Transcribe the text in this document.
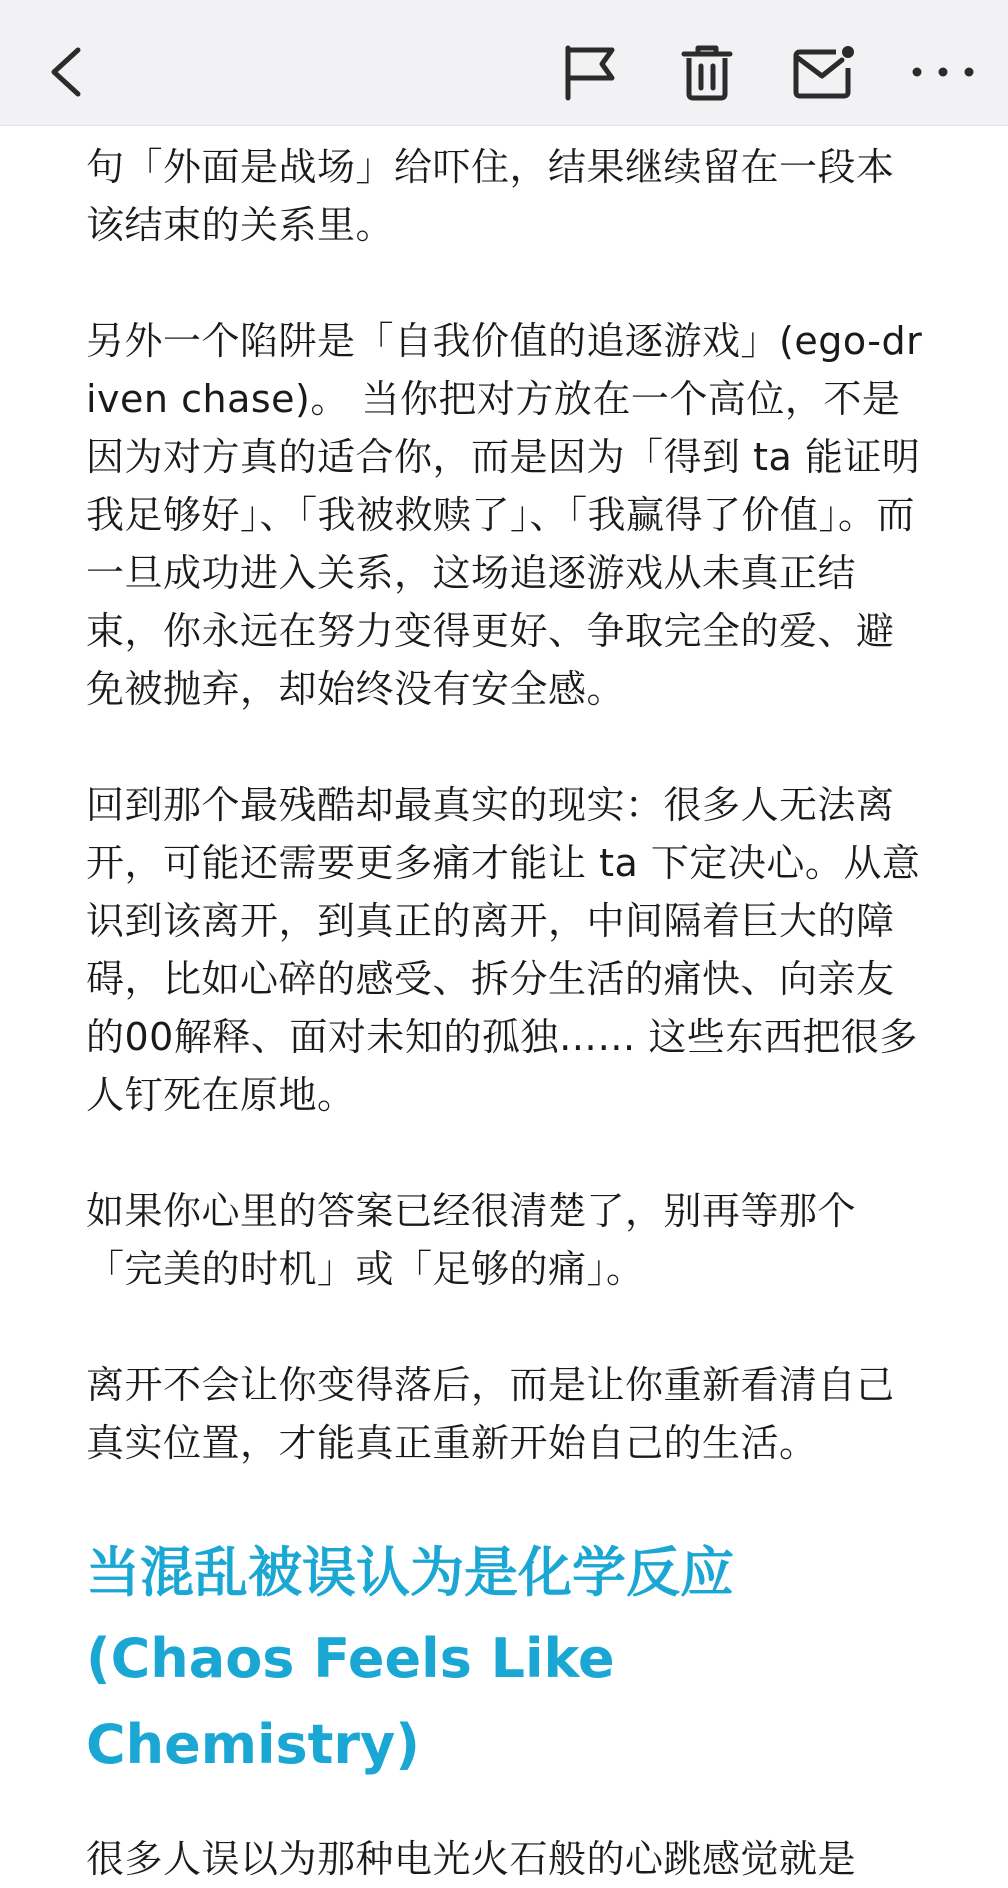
句「外面是战场」给吓住，结果继续留在一段本该结束的关系里。

另外一个陷阱是「自我价值的追逐游戏」(ego-driven chase)。 当你把对方放在一个高位，不是因为对方真的适合你，而是因为「得到 ta 能证明我足够好」、「我被救赎了」、「我赢得了价值」。而一旦成功进入关系，这场追逐游戏从未真正结束，你永远在努力变得更好、争取完全的爱、避免被抛弃，却始终没有安全感。

回到那个最残酷却最真实的现实：很多人无法离开，可能还需要更多痛才能让 ta 下定决心。从意识到该离开，到真正的离开，中间隔着巨大的障碍，比如心碎的感受、拆分生活的痛快、向亲友的00解释、面对未知的孤独…… 这些东西把很多人钉死在原地。

如果你心里的答案已经很清楚了，别再等那个「完美的时机」或「足够的痛」。

离开不会让你变得落后，而是让你重新看清自己真实位置，才能真正重新开始自己的生活。

当混乱被误认为是化学反应
(Chaos Feels Like Chemistry)

很多人误以为那种电光火石般的心跳感觉就是
